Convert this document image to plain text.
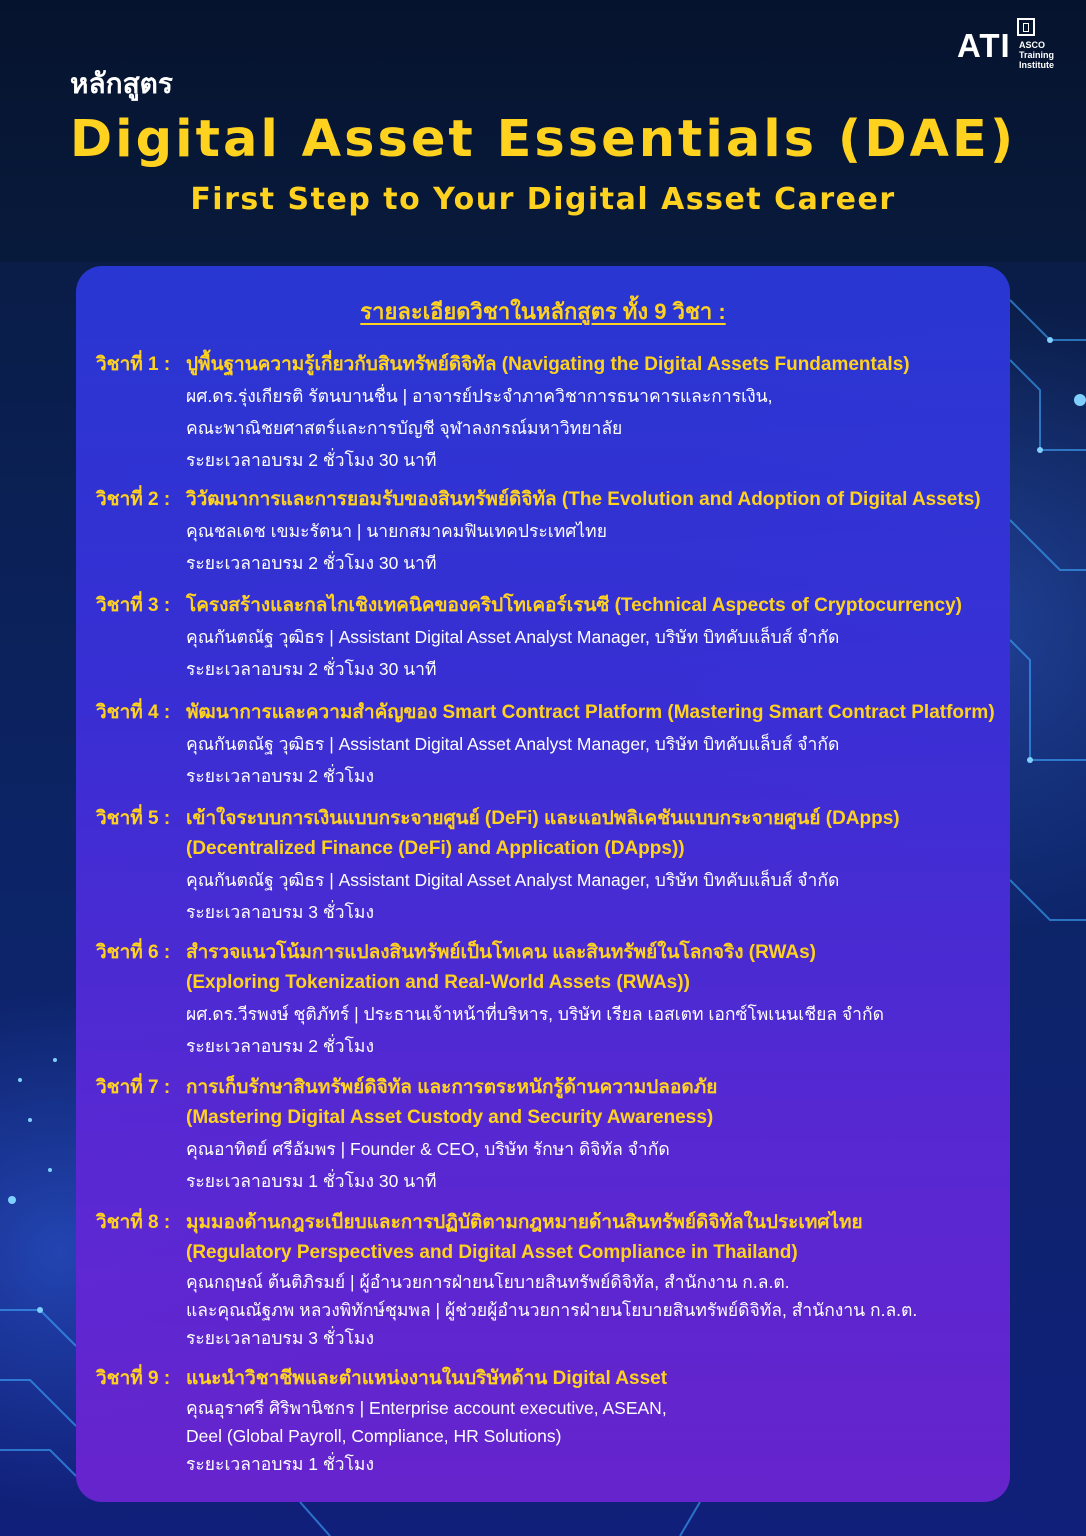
ATI ASCO
Training
Institute
หลักสูตร
Digital Asset Essentials (DAE)
First Step to Your Digital Asset Career
รายละเอียดวิชาในหลักสูตร ทั้ง 9 วิชา :
วิชาที่ 1 : ปูพื้นฐานความรู้เกี่ยวกับสินทรัพย์ดิจิทัล (Navigating the Digital Assets Fundamentals)
ผศ.ดร.รุ่งเกียรติ รัตนบานชื่น | อาจารย์ประจำภาควิชาการธนาคารและการเงิน,
คณะพาณิชยศาสตร์และการบัญชี จุฬาลงกรณ์มหาวิทยาลัย
ระยะเวลาอบรม 2 ชั่วโมง 30 นาที
วิชาที่ 2 : วิวัฒนาการและการยอมรับของสินทรัพย์ดิจิทัล (The Evolution and Adoption of Digital Assets)
คุณชลเดช เขมะรัตนา | นายกสมาคมฟินเทคประเทศไทย
ระยะเวลาอบรม 2 ชั่วโมง 30 นาที
วิชาที่ 3 : โครงสร้างและกลไกเชิงเทคนิคของคริปโทเคอร์เรนซี (Technical Aspects of Cryptocurrency)
คุณกันตณัฐ วุฒิธร | Assistant Digital Asset Analyst Manager, บริษัท บิทคับแล็บส์ จำกัด
ระยะเวลาอบรม 2 ชั่วโมง 30 นาที
วิชาที่ 4 : พัฒนาการและความสำคัญของ Smart Contract Platform (Mastering Smart Contract Platform)
คุณกันตณัฐ วุฒิธร | Assistant Digital Asset Analyst Manager, บริษัท บิทคับแล็บส์ จำกัด
ระยะเวลาอบรม 2 ชั่วโมง
วิชาที่ 5 : เข้าใจระบบการเงินแบบกระจายศูนย์ (DeFi) และแอปพลิเคชันแบบกระจายศูนย์ (DApps)
(Decentralized Finance (DeFi) and Application (DApps))
คุณกันตณัฐ วุฒิธร | Assistant Digital Asset Analyst Manager, บริษัท บิทคับแล็บส์ จำกัด
ระยะเวลาอบรม 3 ชั่วโมง
วิชาที่ 6 : สำรวจแนวโน้มการแปลงสินทรัพย์เป็นโทเคน และสินทรัพย์ในโลกจริง (RWAs)
(Exploring Tokenization and Real-World Assets (RWAs))
ผศ.ดร.วีรพงษ์ ชุติภัทร์ | ประธานเจ้าหน้าที่บริหาร, บริษัท เรียล เอสเตท เอกซ์โพเนนเชียล จำกัด
ระยะเวลาอบรม 2 ชั่วโมง
วิชาที่ 7 : การเก็บรักษาสินทรัพย์ดิจิทัล และการตระหนักรู้ด้านความปลอดภัย
(Mastering Digital Asset Custody and Security Awareness)
คุณอาทิตย์ ศรีอัมพร | Founder & CEO, บริษัท รักษา ดิจิทัล จำกัด
ระยะเวลาอบรม 1 ชั่วโมง 30 นาที
วิชาที่ 8 : มุมมองด้านกฎระเบียบและการปฏิบัติตามกฎหมายด้านสินทรัพย์ดิจิทัลในประเทศไทย
(Regulatory Perspectives and Digital Asset Compliance in Thailand)
คุณกฤษณ์ ต้นติภิรมย์ | ผู้อำนวยการฝ่ายนโยบายสินทรัพย์ดิจิทัล, สำนักงาน ก.ล.ต.
และคุณณัฐภพ หลวงพิทักษ์ชุมพล | ผู้ช่วยผู้อำนวยการฝ่ายนโยบายสินทรัพย์ดิจิทัล, สำนักงาน ก.ล.ต.
ระยะเวลาอบรม 3 ชั่วโมง
วิชาที่ 9 : แนะนำวิชาชีพและตำแหน่งงานในบริษัทด้าน Digital Asset
คุณอุราศรี ศิริพานิชกร | Enterprise account executive, ASEAN,
Deel (Global Payroll, Compliance, HR Solutions)
ระยะเวลาอบรม 1 ชั่วโมง
